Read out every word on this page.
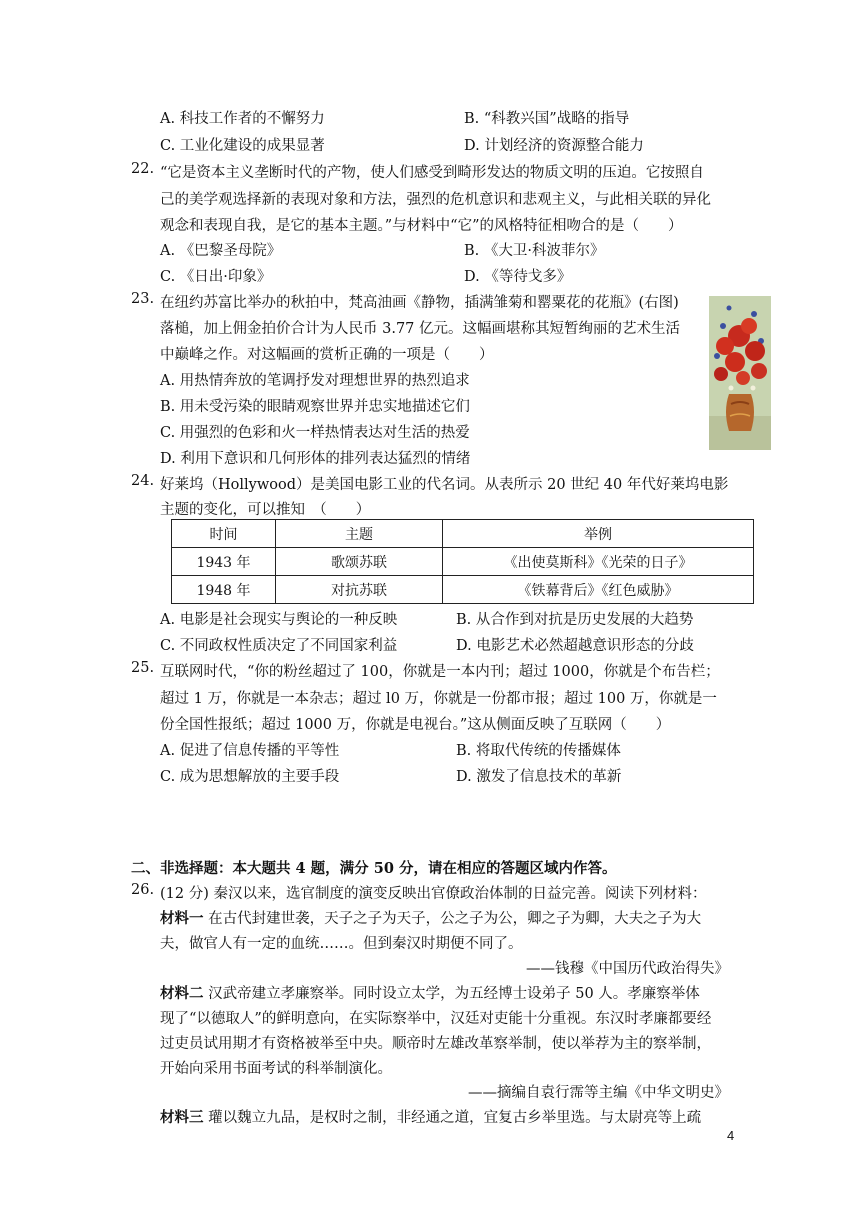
A. 科技工作者的不懈努力	B. “科教兴国”战略的指导
C. 工业化建设的成果显著	D. 计划经济的资源整合能力
22. “它是资本主义垄断时代的产物，使人们感受到畸形发达的物质文明的压迫。它按照自
己的美学观选择新的表现对象和方法，强烈的危机意识和悲观主义，与此相关联的异化
观念和表现自我，是它的基本主题。”与材料中“它”的风格特征相吻合的是（　　）
A. 《巴黎圣母院》	B. 《大卫·科波菲尔》
C. 《日出·印象》	D. 《等待戈多》
23. 在纽约苏富比举办的秋拍中，梵高油画《静物，插满雏菊和罂粟花的花瓶》(右图)
落槌，加上佣金拍价合计为人民币 3.77 亿元。这幅画堪称其短暂绚丽的艺术生活
中巅峰之作。对这幅画的赏析正确的一项是（　　）
A. 用热情奔放的笔调抒发对理想世界的热烈追求
B. 用未受污染的眼睛观察世界并忠实地描述它们
C. 用强烈的色彩和火一样热情表达对生活的热爱
D. 利用下意识和几何形体的排列表达猛烈的情绪
24. 好莱坞（Hollywood）是美国电影工业的代名词。从表所示 20 世纪 40 年代好莱坞电影
主题的变化，可以推知　（　　）
时间	主题	举例
1943 年	歌颂苏联	《出使莫斯科》《光荣的日子》
1948 年	对抗苏联	《铁幕背后》《红色威胁》
A. 电影是社会现实与舆论的一种反映	B. 从合作到对抗是历史发展的大趋势
C. 不同政权性质决定了不同国家利益	D. 电影艺术必然超越意识形态的分歧
25. 互联网时代，“你的粉丝超过了 100，你就是一本内刊；超过 1000，你就是个布告栏；
超过 1 万，你就是一本杂志；超过 l0 万，你就是一份都市报；超过 100 万，你就是一
份全国性报纸；超过 1000 万，你就是电视台。”这从侧面反映了互联网（　　）
A. 促进了信息传播的平等性	B. 将取代传统的传播媒体
C. 成为思想解放的主要手段	D. 激发了信息技术的革新
二、非选择题：本大题共 4 题，满分 50 分，请在相应的答题区域内作答。
26. (12 分) 秦汉以来，选官制度的演变反映出官僚政治体制的日益完善。阅读下列材料：
材料一 在古代封建世袭，天子之子为天子，公之子为公，卿之子为卿，大夫之子为大
夫，做官人有一定的血统……。但到秦汉时期便不同了。
——钱穆《中国历代政治得失》
材料二 汉武帝建立孝廉察举。同时设立太学，为五经博士设弟子 50 人。孝廉察举体
现了“以德取人”的鲜明意向，在实际察举中，汉廷对吏能十分重视。东汉时孝廉都要经
过吏员试用期才有资格被举至中央。顺帝时左雄改革察举制，使以举荐为主的察举制，
开始向采用书面考试的科举制演化。
——摘编自袁行霈等主编《中华文明史》
材料三 瓘以魏立九品，是权时之制，非经通之道，宜复古乡举里选。与太尉亮等上疏
4
